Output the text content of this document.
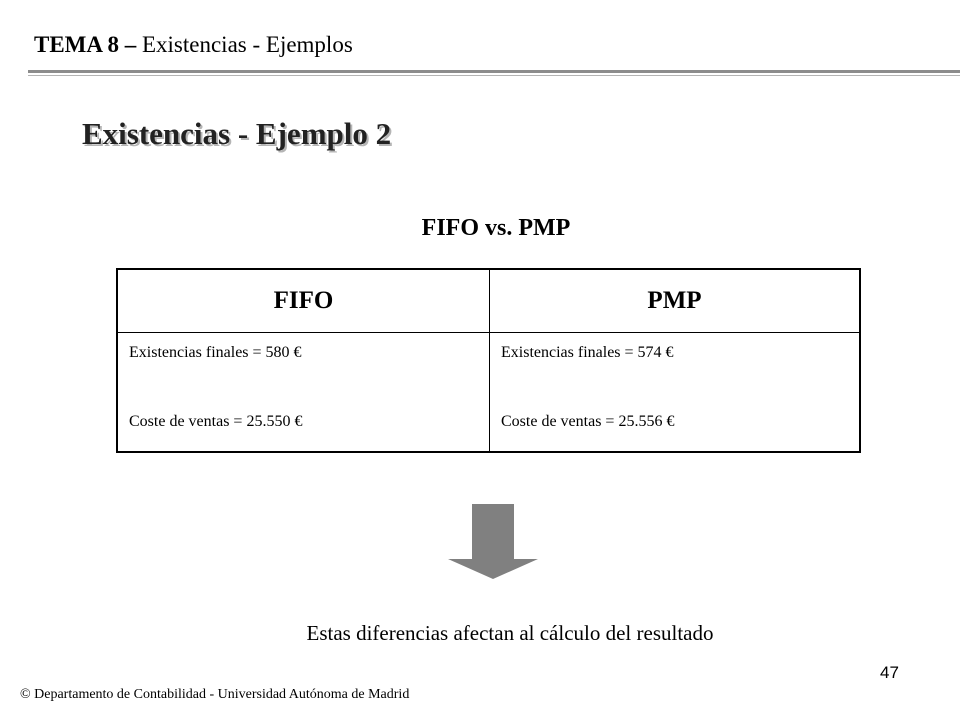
TEMA 8 – Existencias - Ejemplos
Existencias - Ejemplo 2
FIFO vs. PMP
FIFO	PMP
Existencias finales = 580 €
Coste de ventas = 25.550 €
Existencias finales = 574 €
Coste de ventas = 25.556 €
Estas diferencias afectan al cálculo del resultado
47
© Departamento de Contabilidad - Universidad Autónoma de Madrid
